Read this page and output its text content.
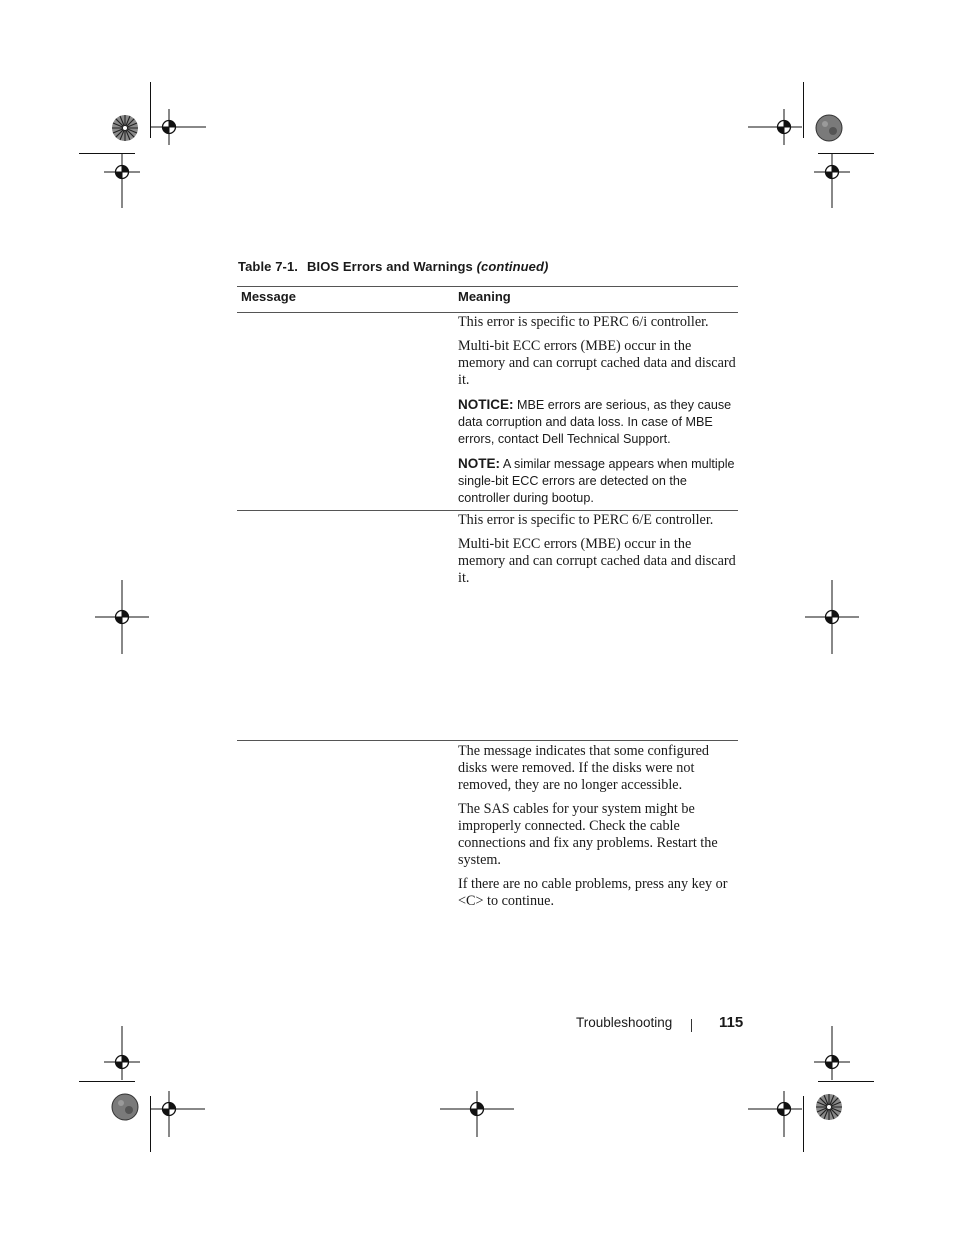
Table 7-1. BIOS Errors and Warnings (continued)
Message	Meaning

This error is specific to PERC 6/i controller.

Multi-bit ECC errors (MBE) occur in the memory and can corrupt cached data and discard it.

NOTICE: MBE errors are serious, as they cause data corruption and data loss. In case of MBE errors, contact Dell Technical Support.

NOTE: A similar message appears when multiple single-bit ECC errors are detected on the controller during bootup.

This error is specific to PERC 6/E controller.

Multi-bit ECC errors (MBE) occur in the memory and can corrupt cached data and discard it.

The message indicates that some configured disks were removed. If the disks were not removed, they are no longer accessible.

The SAS cables for your system might be improperly connected. Check the cable connections and fix any problems. Restart the system.

If there are no cable problems, press any key or <C> to continue.

Troubleshooting	115
